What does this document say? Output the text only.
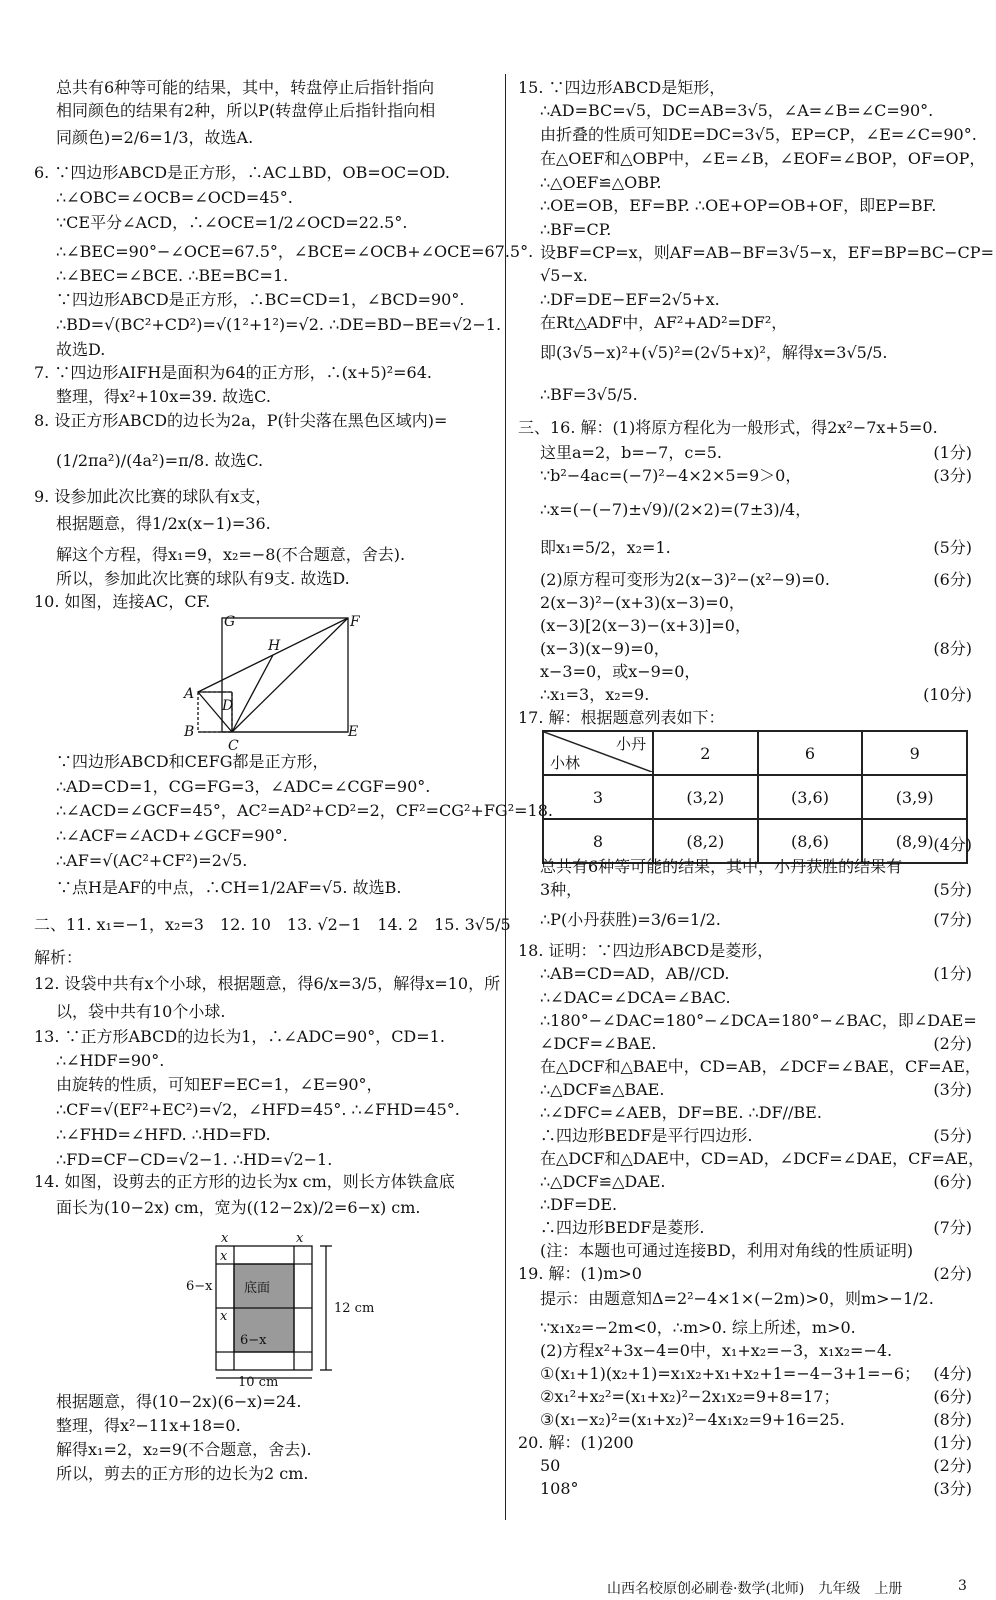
总共有6种等可能的结果，其中，转盘停止后指针指向
相同颜色的结果有2种，所以P(转盘停止后指针指向相
同颜色)=2/6=1/3，故选A.
6. ∵四边形ABCD是正方形，∴AC⊥BD，OB=OC=OD.
∴∠OBC=∠OCB=∠OCD=45°.
∵CE平分∠ACD，∴∠OCE=1/2∠OCD=22.5°.
∴∠BEC=90°−∠OCE=67.5°，∠BCE=∠OCB+∠OCE=67.5°.
∴∠BEC=∠BCE. ∴BE=BC=1.
∵四边形ABCD是正方形，∴BC=CD=1，∠BCD=90°.
∴BD=√(BC²+CD²)=√(1²+1²)=√2. ∴DE=BD−BE=√2−1.
故选D.
7. ∵四边形AIFH是面积为64的正方形，∴(x+5)²=64.
整理，得x²+10x=39. 故选C.
8. 设正方形ABCD的边长为2a，P(针尖落在黑色区域内)=
(1/2πa²)/(4a²)=π/8. 故选C.
9. 设参加此次比赛的球队有x支，
根据题意，得1/2x(x−1)=36.
解这个方程，得x₁=9，x₂=−8(不合题意，舍去).
所以，参加此次比赛的球队有9支. 故选D.
10. 如图，连接AC，CF.
∵四边形ABCD和CEFG都是正方形，
∴AD=CD=1，CG=FG=3，∠ADC=∠CGF=90°.
∴∠ACD=∠GCF=45°，AC²=AD²+CD²=2，CF²=CG²+FG²=18.
∴∠ACF=∠ACD+∠GCF=90°.
∴AF=√(AC²+CF²)=2√5.
∵点H是AF的中点，∴CH=1/2AF=√5. 故选B.
二、11. x₁=−1，x₂=3　12. 10　13. √2−1　14. 2　15. 3√5/5
解析：
12. 设袋中共有x个小球，根据题意，得6/x=3/5，解得x=10，所
以，袋中共有10个小球.
13. ∵正方形ABCD的边长为1，∴∠ADC=90°，CD=1.
∴∠HDF=90°.
由旋转的性质，可知EF=EC=1，∠E=90°，
∴CF=√(EF²+EC²)=√2，∠HFD=45°. ∴∠FHD=45°.
∴∠FHD=∠HFD. ∴HD=FD.
∴FD=CF−CD=√2−1. ∴HD=√2−1.
14. 如图，设剪去的正方形的边长为x cm，则长方体铁盒底
面长为(10−2x) cm，宽为((12−2x)/2=6−x) cm.
根据题意，得(10−2x)(6−x)=24.
整理，得x²−11x+18=0.
解得x₁=2，x₂=9(不合题意，舍去).
所以，剪去的正方形的边长为2 cm.
小丹
小林	2	6	9
3	(3,2)	(3,6)	(3,9)
8	(8,2)	(8,6)	(8,9)
15. ∵四边形ABCD是矩形，
∴AD=BC=√5，DC=AB=3√5，∠A=∠B=∠C=90°.
由折叠的性质可知DE=DC=3√5，EP=CP，∠E=∠C=90°.
在△OEF和△OBP中，∠E=∠B，∠EOF=∠BOP，OF=OP，
∴△OEF≌△OBP.
∴OE=OB，EF=BP. ∴OE+OP=OB+OF，即EP=BF.
∴BF=CP.
设BF=CP=x，则AF=AB−BF=3√5−x，EF=BP=BC−CP=
√5−x.
∴DF=DE−EF=2√5+x.
在Rt△ADF中，AF²+AD²=DF²，
即(3√5−x)²+(√5)²=(2√5+x)²，解得x=3√5/5.
∴BF=3√5/5.
三、16. 解：(1)将原方程化为一般形式，得2x²−7x+5=0.
这里a=2，b=−7，c=5.
∵b²−4ac=(−7)²−4×2×5=9＞0，
∴x=(−(−7)±√9)/(2×2)=(7±3)/4，
即x₁=5/2，x₂=1.
(2)原方程可变形为2(x−3)²−(x²−9)=0.
2(x−3)²−(x+3)(x−3)=0，
(x−3)[2(x−3)−(x+3)]=0，
(x−3)(x−9)=0，
x−3=0，或x−9=0，
∴x₁=3，x₂=9.
17. 解：根据题意列表如下：
总共有6种等可能的结果，其中，小丹获胜的结果有
3种，
∴P(小丹获胜)=3/6=1/2.
18. 证明：∵四边形ABCD是菱形，
∴AB=CD=AD，AB//CD.
∴∠DAC=∠DCA=∠BAC.
∴180°−∠DAC=180°−∠DCA=180°−∠BAC，即∠DAE=
∠DCF=∠BAE.
在△DCF和△BAE中，CD=AB，∠DCF=∠BAE，CF=AE，
∴△DCF≌△BAE.
∴∠DFC=∠AEB，DF=BE. ∴DF//BE.
∴四边形BEDF是平行四边形.
在△DCF和△DAE中，CD=AD，∠DCF=∠DAE，CF=AE，
∴△DCF≌△DAE.
∴DF=DE.
∴四边形BEDF是菱形.
(注：本题也可通过连接BD，利用对角线的性质证明)
19. 解：(1)m>0
提示：由题意知Δ=2²−4×1×(−2m)>0，则m>−1/2.
∵x₁x₂=−2m<0，∴m>0. 综上所述，m>0.
(2)方程x²+3x−4=0中，x₁+x₂=−3，x₁x₂=−4.
①(x₁+1)(x₂+1)=x₁x₂+x₁+x₂+1=−4−3+1=−6；
②x₁²+x₂²=(x₁+x₂)²−2x₁x₂=9+8=17；
③(x₁−x₂)²=(x₁+x₂)²−4x₁x₂=9+16=25.
20. 解：(1)200
50
108°
(1分)
(3分)
(5分)
(6分)
(8分)
(10分)
(4分)
(5分)
(7分)
(1分)
(2分)
(3分)
(5分)
(6分)
(7分)
(2分)
(4分)
(6分)
(8分)
(1分)
(2分)
(3分)
G	F
H
A
D
B
C
E
x	x
x
6−x 底面
x
6−x
12 cm
10 cm
山西名校原创必刷卷·数学(北师)　九年级　上册	3
